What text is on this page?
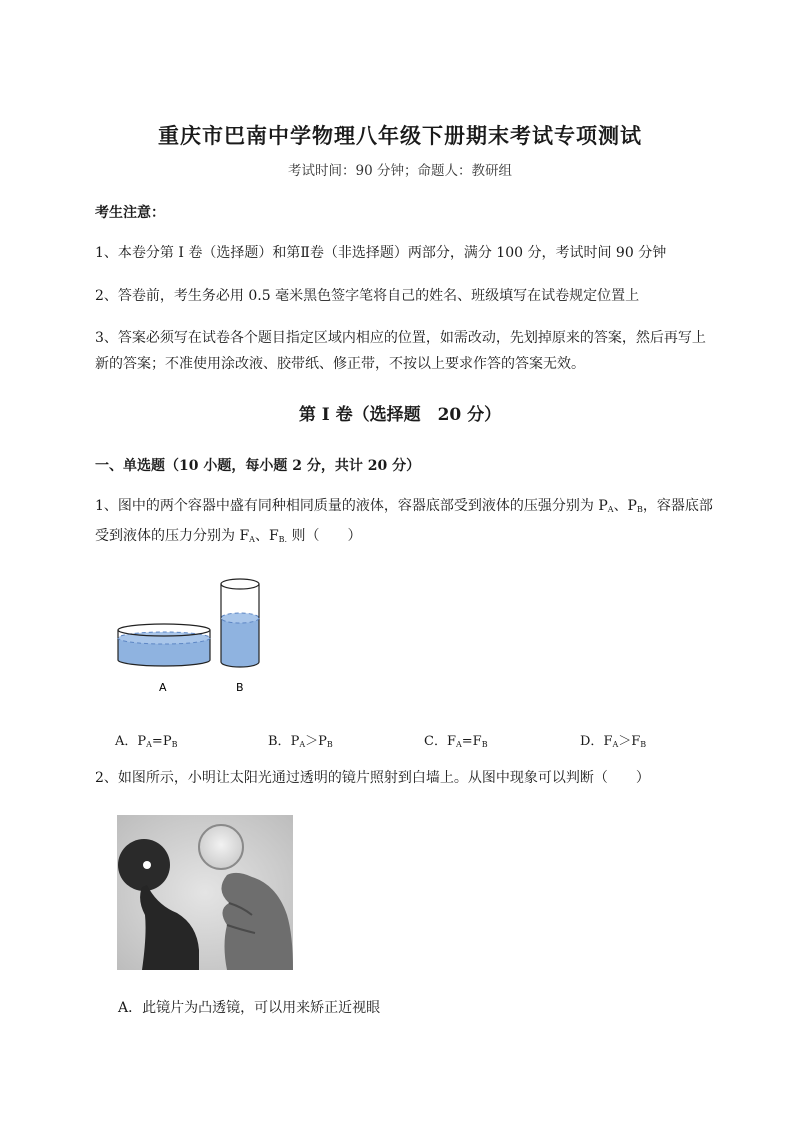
重庆市巴南中学物理八年级下册期末考试专项测试
考试时间：90 分钟；命题人：教研组
考生注意：
1、本卷分第 I 卷（选择题）和第Ⅱ卷（非选择题）两部分，满分 100 分，考试时间 90 分钟
2、答卷前，考生务必用 0.5 毫米黑色签字笔将自己的姓名、班级填写在试卷规定位置上
3、答案必须写在试卷各个题目指定区域内相应的位置，如需改动，先划掉原来的答案，然后再写上新的答案；不准使用涂改液、胶带纸、修正带，不按以上要求作答的答案无效。
第 I 卷（选择题　20 分）
一、单选题（10 小题，每小题 2 分，共计 20 分）
1、图中的两个容器中盛有同种相同质量的液体，容器底部受到液体的压强分别为 $P_A$、$P_B$，容器底部受到液体的压力分别为 $F_A$、$F_{B.}$ 则（　　）
A	B
A．$P_A=P_B$	B．$P_A>P_B$	C．$F_A=F_B$	D．$F_A>F_B$
2、如图所示，小明让太阳光通过透明的镜片照射到白墙上。从图中现象可以判断（　　）
A．此镜片为凸透镜，可以用来矫正近视眼
